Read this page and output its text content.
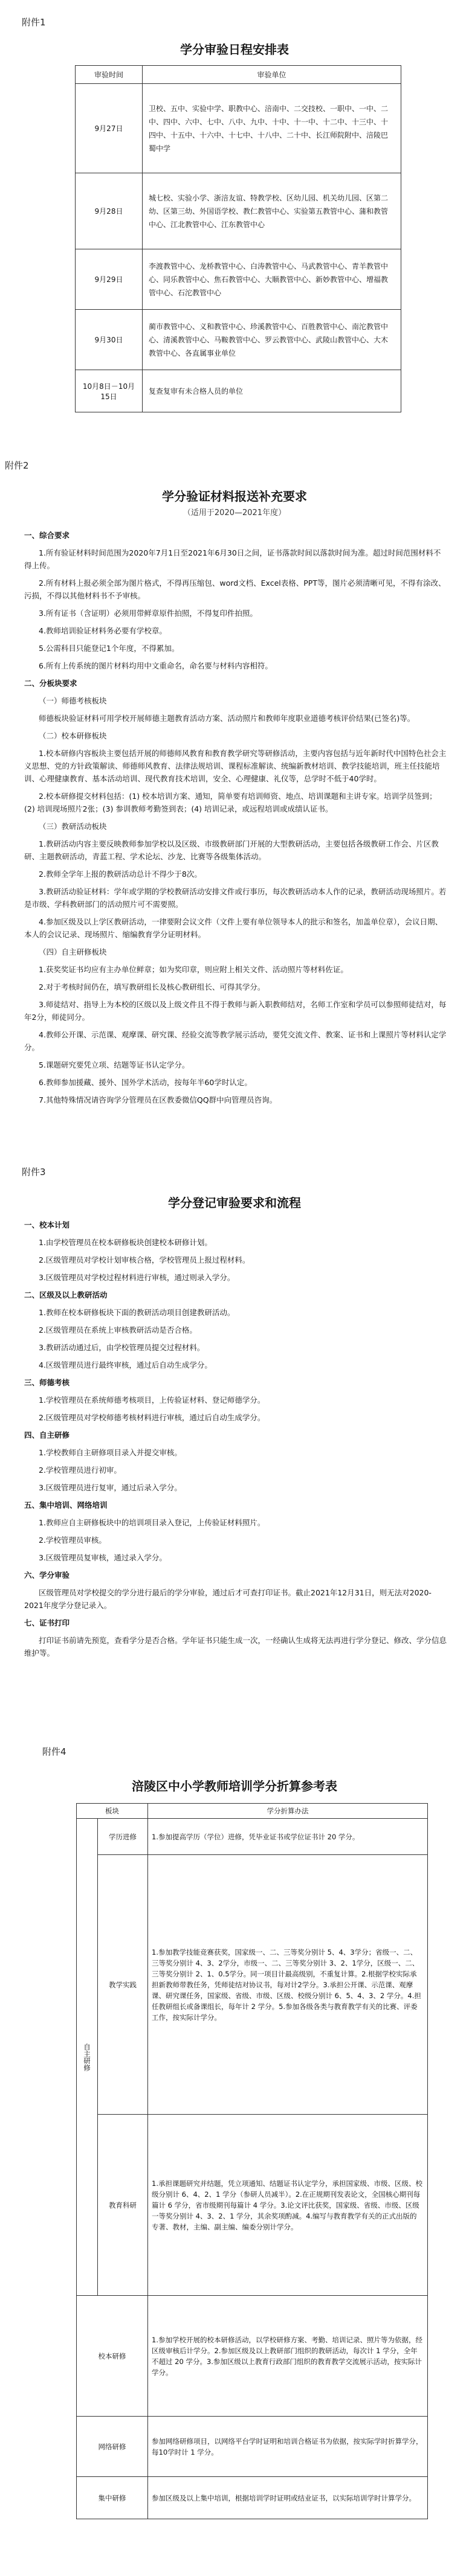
附件1
学分审验日程安排表
审验时间	审验单位
9月27日	卫校、五中、实验中学、职教中心、涪南中、二交技校、一职中、一中、二中、四中、六中、七中、八中、九中、十中、十一中、十二中、十三中、十四中、十五中、十六中、十七中、十八中、二十中、长江师院附中、涪陵巴蜀中学
9月28日	城七校、实验小学、浙涪友谊、特教学校、区幼儿园、机关幼儿园、区第二幼、区第三幼、外国语学校、教仁教管中心、实验第五教管中心、蒲和教管中心、江北教管中心、江东教管中心
9月29日	李渡教管中心、龙桥教管中心、白涛教管中心、马武教管中心、青羊教管中心、同乐教管中心、焦石教管中心、大顺教管中心、新妙教管中心、增福教管中心、石沱教管中心
9月30日	蔺市教管中心、义和教管中心、珍溪教管中心、百胜教管中心、南沱教管中心、清溪教管中心、马鞍教管中心、罗云教管中心、武陵山教管中心、大木教管中心、各直属事业单位
10月8日－10月15日	复查复审有未合格人员的单位
附件2
学分验证材料报送补充要求
（适用于2020—2021年度）

一、综合要求

1.所有验证材料时间范围为2020年7月1日至2021年6月30日之间，证书落款时间以落款时间为准。超过时间范围材料不得上传。

2.所有材料上报必须全部为图片格式，不得再压缩包、word文档、Excel表格、PPT等，图片必须清晰可见，不得有涂改、污损，不得以其他材料书不予审核。

3.所有证书（含证明）必须用带鲜章原件拍照，不得复印件拍照。

4.教师培训验证材料务必要有学校章。

5.公需科目只能登记1个年度，不得累加。

6.所有上传系统的图片材料均用中文重命名，命名要与材料内容相符。

二、分板块要求

（一）师德考核板块

师德板块验证材料可用学校开展师德主题教育活动方案、活动照片和教师年度职业道德考核评价结果(已签名)等。

（二）校本研修板块

1.校本研修内容板块主要包括开展的师德师风教育和教育教学研究等研修活动，主要内容包括与近年新时代中国特色社会主义思想、党的方针政策解读、师德师风教育、法律法规培训、课程标准解读、统编新教材培训、教学技能培训，班主任技能培训、心理健康教育、基本活动培训、现代教育技术培训，安全、心理健康、礼仪等，总学时不低于40学时。

2.校本研修提交材料包括：(1) 校本培训方案、通知，简单要有培训师资、地点、培训课题和主讲专家。培训学员签到；(2) 培训现场照片2张；(3) 参训教师考勤签到表；(4) 培训记录，或远程培训或成绩认证书。

（三）教研活动板块

1.教研活动内容主要反映教师参加学校以及区级、市级教研部门开展的大型教研活动，主要包括各级教研工作会、片区教研、主题教研活动，青蓝工程、学术论坛、沙龙、比赛等各级集体活动。

2.教师全学年上报的教研活动总计不得少于8次。

3.教研活动验证材料：学年或学期的学校教研活动安排文件或行事历，每次教研活动本人作的记录，教研活动现场照片。若是市级、学科教研部门的活动照片可不需要照。

4.参加区级及以上学区教研活动，一律要附会议文件（文件上要有单位领导本人的批示和签名，加盖单位章），会议日期、本人的会议记录、现场照片、缩编教育学分证明材料。

（四）自主研修板块

1.获奖奖证书均应有主办单位鲜章；如为奖印章，则应附上相关文件、活动照片等材料佐证。

2.对于考核时间仍在，填写教研组长及核心教研组长、可得其学分。

3.师徒结对、指导上为本校的区级以及上级文件且不得于教师与新入职教师结对，名师工作室和学员可以参照师徒结对，每年2分，师徒同分。

4.教师公开课、示范课、观摩课、研究课、经验交流等教学展示活动，要凭交流文件、教案、证书和上课照片等材料认定学分。

5.课题研究要凭立项、结题等证书认定学分。

6.教师参加援藏、援外、国外学术活动，按每年半60学时认定。

7.其他特殊情况请咨询学分管理员在区教委微信QQ群中向管理员咨询。

附件3
学分登记审验要求和流程

一、校本计划

1.由学校管理员在校本研修板块创建校本研修计划。

2.区级管理员对学校计划审核合格，学校管理员上报过程材料。

3.区级管理员对学校过程材料进行审核，通过则录入学分。

二、区级及以上教研活动

1.教师在校本研修板块下面的教研活动项目创建教研活动。

2.区级管理员在系统上审核教研活动是否合格。

3.教研活动通过后，由学校管理员提交过程材料。

4.区级管理员进行最终审核，通过后自动生成学分。

三、师德考核

1.学校管理员在系统师德考核项目，上传验证材料、登记师德学分。

2.区级管理员对学校师德考核材料进行审核，通过后自动生成学分。

四、自主研修

1.学校教师自主研修项目录入并提交审核。

2.学校管理员进行初审。

3.区级管理员进行复审，通过后录入学分。

五、集中培训、网络培训

1.教师应自主研修板块中的培训项目录入登记，上传验证材料照片。

2.学校管理员审核。

3.区级管理员复审核，通过录入学分。

六、学分审验

区级管理员对学校提交的学分进行最后的学分审验，通过后才可查打印证书。截止2021年12月31日，则无法对2020-2021年度学分登记录入。

七、证书打印

打印证书前请先预览，查看学分是否合格。学年证书只能生成一次，一经确认生成将无法再进行学分登记、修改、学分信息维护等。

附件4
涪陵区中小学教师培训学分折算参考表
板块		学分折算办法
自主研修	学历进修	1.参加提高学历（学位）进修，凭毕业证书或学位证书计 20 学分。
	教学实践	1.参加教学技能竞赛获奖，国家级一、二、三等奖分别计 5、4、3学分；省级一、二、三等奖分别计 4、3、2学分，市级一、二、三等奖分别计 3、2、1学分，区级一、二、三等奖分别计 2、1、0.5学分。同一项目计最高级别，不重复计算。2.根据学校实际承担新教师带教任务，凭师徒结对协议书，每对计2学分。3.承担公开课、示范课、观摩课、研究课任务，国家级、省级、市级、区级、校级分别计 6、5、4、3、2 学分。4.担任教研组长或备课组长，每年计 2 学分。5.参加各级各类与教育教学有关的比赛、评委工作，按实际计学分。
	教育科研	1.承担课题研究并结题，凭立项通知、结题证书认定学分，承担国家级、市级、区级、校级分别计 6、4、2、1 学分（参研人员减半）。2.在正规期刊发表论文，全国核心期刊每篇计 6 学分，省市级期刊每篇计 4 学分。3.论文评比获奖，国家级、省级、市级、区级一等奖分别计 4、3、2、1 学分，其余奖项酌减。4.编写与教育教学有关的正式出版的专著、教材，主编、副主编、编委分别计学分。
校本研修		1.参加学校开展的校本研修活动，以学校研修方案、考勤、培训记录、照片等为依据，经区级审核后计学分。2.参加区级及以上教研部门组织的教研活动，每次计 1 学分，全年不超过 20 学分。3.参加区级以上教育行政部门组织的教育教学交流展示活动，按实际计学分。
网络研修		参加网络研修项目，以网络平台学时证明和培训合格证书为依据，按实际学时折算学分，每10学时计 1 学分。
集中研修		参加区级及以上集中培训，根据培训学时证明或结业证书，以实际培训学时计算学分。
